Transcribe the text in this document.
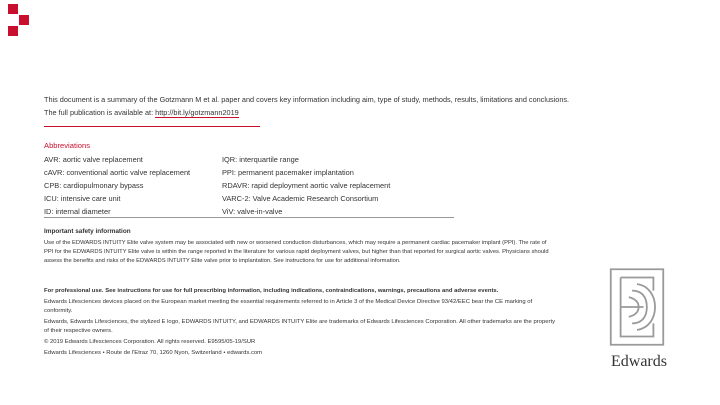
This document is a summary of the Gotzmann M et al. paper and covers key information including aim, type of study, methods, results, limitations and conclusions.

The full publication is available at: http://bit.ly/gotzmann2019

Abbreviations
AVR: aortic valve replacement	IQR: interquartile range
cAVR: conventional aortic valve replacement	PPI: permanent pacemaker implantation
CPB: cardiopulmonary bypass	RDAVR: rapid deployment aortic valve replacement
ICU: intensive care unit	VARC-2: Valve Academic Research Consortium
ID: internal diameter	ViV: valve-in-valve

Important safety information

Use of the EDWARDS INTUITY Elite valve system may be associated with new or worsened conduction disturbances, which may require a permanent cardiac pacemaker implant (PPI). The rate of PPI for the EDWARDS INTUITY Elite valve is within the range reported in the literature for various rapid deployment valves, but higher than that reported for surgical aortic valves. Physicians should assess the benefits and risks of the EDWARDS INTUITY Elite valve prior to implantation. See instructions for use for additional information.

For professional use. See instructions for use for full prescribing information, including indications, contraindications, warnings, precautions and adverse events.

Edwards Lifesciences devices placed on the European market meeting the essential requirements referred to in Article 3 of the Medical Device Directive 93/42/EEC bear the CE marking of conformity.

Edwards, Edwards Lifesciences, the stylized E logo, EDWARDS INTUITY, and EDWARDS INTUITY Elite are trademarks of Edwards Lifesciences Corporation. All other trademarks are the property of their respective owners.

© 2019 Edwards Lifesciences Corporation. All rights reserved. E9595/05-19/SUR

Edwards Lifesciences • Route de l'Etraz 70, 1260 Nyon, Switzerland • edwards.com	Edwards
